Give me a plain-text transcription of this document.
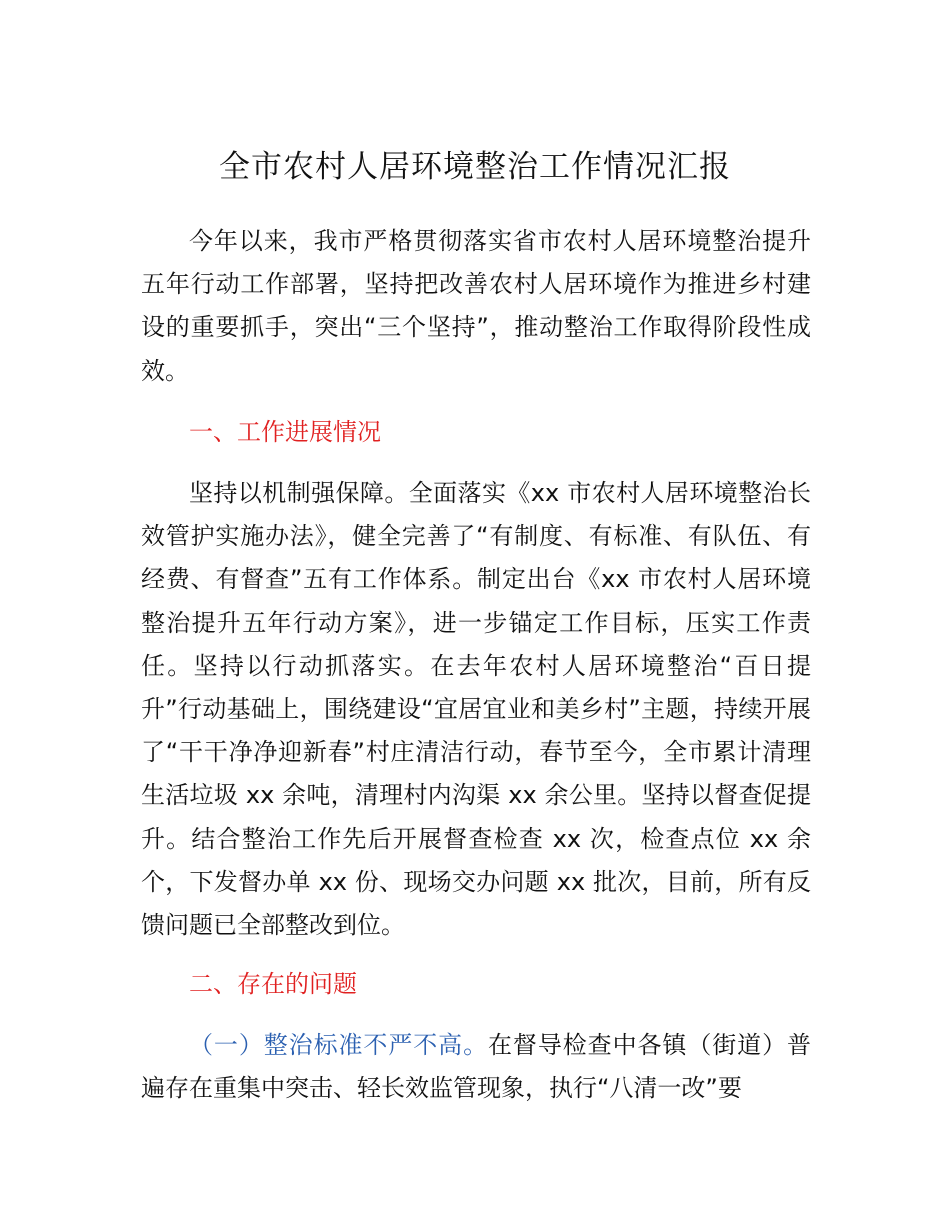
全市农村人居环境整治工作情况汇报

今年以来，我市严格贯彻落实省市农村人居环境整治提升五年行动工作部署，坚持把改善农村人居环境作为推进乡村建设的重要抓手，突出“三个坚持”，推动整治工作取得阶段性成效。

一、工作进展情况

坚持以机制强保障。全面落实《xx 市农村人居环境整治长效管护实施办法》，健全完善了“有制度、有标准、有队伍、有经费、有督查”五有工作体系。制定出台《xx 市农村人居环境整治提升五年行动方案》，进一步锚定工作目标，压实工作责任。坚持以行动抓落实。在去年农村人居环境整治“百日提升”行动基础上，围绕建设“宜居宜业和美乡村”主题，持续开展了“干干净净迎新春”村庄清洁行动，春节至今，全市累计清理生活垃圾 xx 余吨，清理村内沟渠 xx 余公里。坚持以督查促提升。结合整治工作先后开展督查检查 xx 次，检查点位 xx 余个，下发督办单 xx 份、现场交办问题 xx 批次，目前，所有反馈问题已全部整改到位。

二、存在的问题

（一）整治标准不严不高。在督导检查中各镇（街道）普遍存在重集中突击、轻长效监管现象，执行“八清一改”要
